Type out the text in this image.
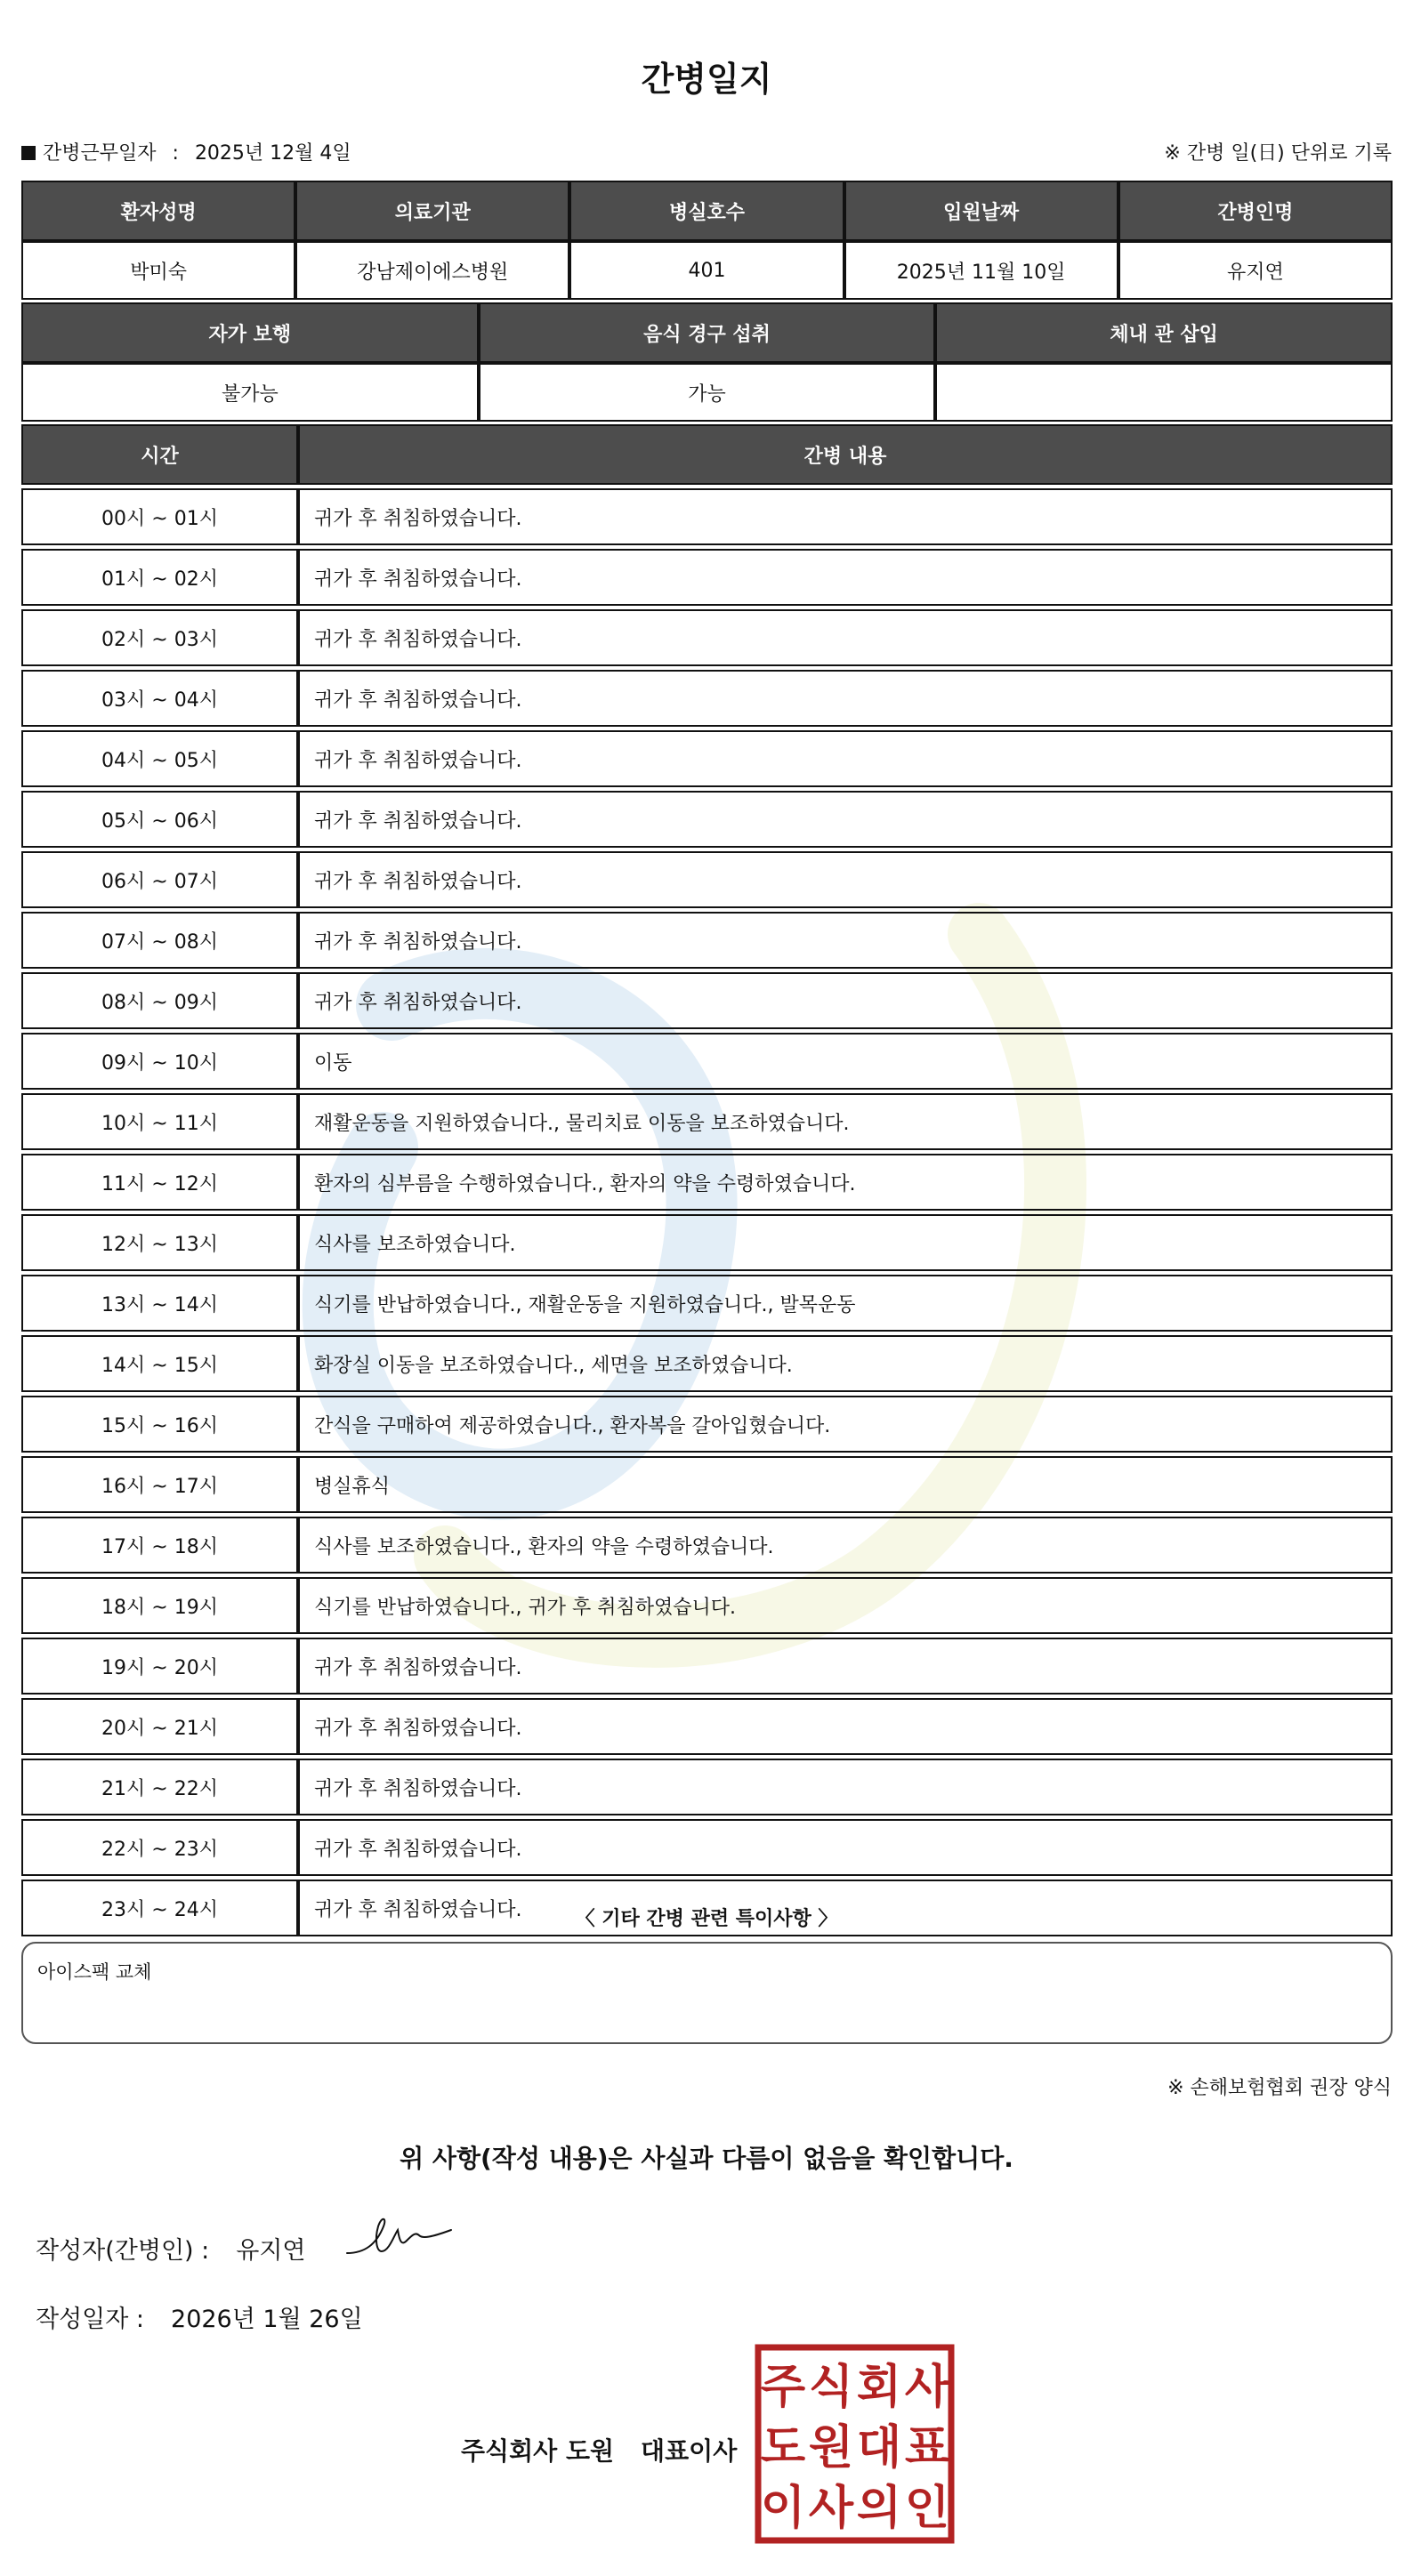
간병일지
간병근무일자 : 2025년 12월 4일	※ 간병 일(日) 단위로 기록
환자성명	의료기관	병실호수	입원날짜	간병인명
박미숙	강남제이에스병원	401	2025년 11월 10일	유지연
자가 보행	음식 경구 섭취	체내 관 삽입
불가능	가능	
시간	간병 내용
00시 ~ 01시	귀가 후 취침하였습니다.
01시 ~ 02시	귀가 후 취침하였습니다.
02시 ~ 03시	귀가 후 취침하였습니다.
03시 ~ 04시	귀가 후 취침하였습니다.
04시 ~ 05시	귀가 후 취침하였습니다.
05시 ~ 06시	귀가 후 취침하였습니다.
06시 ~ 07시	귀가 후 취침하였습니다.
07시 ~ 08시	귀가 후 취침하였습니다.
08시 ~ 09시	귀가 후 취침하였습니다.
09시 ~ 10시	이동
10시 ~ 11시	재활운동을 지원하였습니다., 물리치료 이동을 보조하였습니다.
11시 ~ 12시	환자의 심부름을 수행하였습니다., 환자의 약을 수령하였습니다.
12시 ~ 13시	식사를 보조하였습니다.
13시 ~ 14시	식기를 반납하였습니다., 재활운동을 지원하였습니다., 발목운동
14시 ~ 15시	화장실 이동을 보조하였습니다., 세면을 보조하였습니다.
15시 ~ 16시	간식을 구매하여 제공하였습니다., 환자복을 갈아입혔습니다.
16시 ~ 17시	병실휴식
17시 ~ 18시	식사를 보조하였습니다., 환자의 약을 수령하였습니다.
18시 ~ 19시	식기를 반납하였습니다., 귀가 후 취침하였습니다.
19시 ~ 20시	귀가 후 취침하였습니다.
20시 ~ 21시	귀가 후 취침하였습니다.
21시 ~ 22시	귀가 후 취침하였습니다.
22시 ~ 23시	귀가 후 취침하였습니다.
23시 ~ 24시	귀가 후 취침하였습니다.	〈 기타 간병 관련 특이사항 〉
아이스팩 교체
※ 손해보험협회 권장 양식
위 사항(작성 내용)은 사실과 다름이 없음을 확인합니다.
작성자(간병인) : 유지연
작성일자 : 2026년 1월 26일
주식회사 도원 대표이사
주 식 회 사
도 원 대 표
이 사 의 인
